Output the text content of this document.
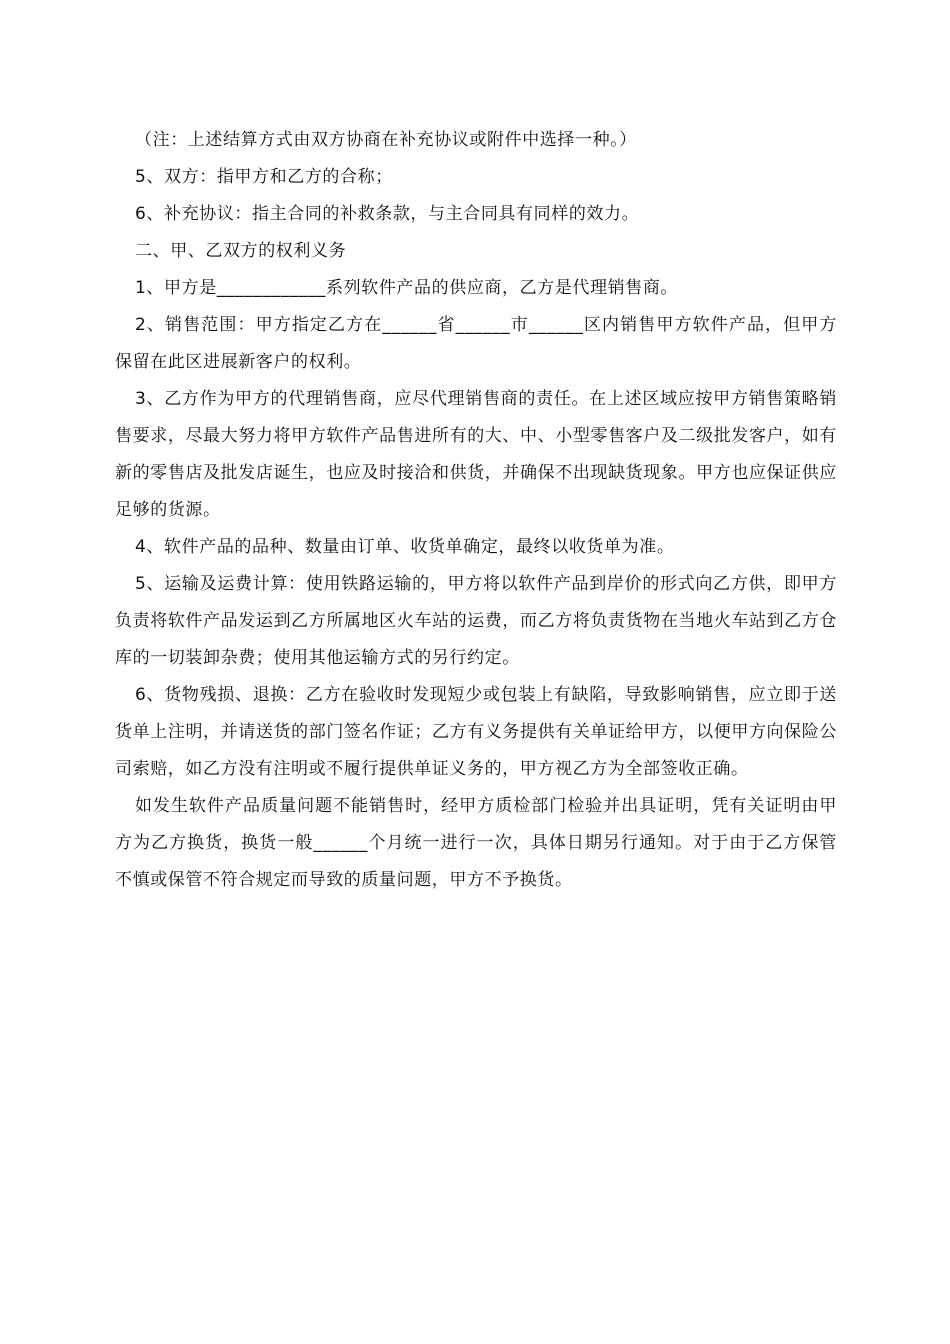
（注：上述结算方式由双方协商在补充协议或附件中选择一种。）

5、双方：指甲方和乙方的合称；

6、补充协议：指主合同的补救条款，与主合同具有同样的效力。

二、甲、乙双方的权利义务

1、甲方是____________系列软件产品的供应商，乙方是代理销售商。

2、销售范围：甲方指定乙方在______省______市______区内销售甲方软件产品，但甲方保留在此区进展新客户的权利。

3、乙方作为甲方的代理销售商，应尽代理销售商的责任。在上述区域应按甲方销售策略销售要求，尽最大努力将甲方软件产品售进所有的大、中、小型零售客户及二级批发客户，如有新的零售店及批发店诞生，也应及时接洽和供货，并确保不出现缺货现象。甲方也应保证供应足够的货源。

4、软件产品的品种、数量由订单、收货单确定，最终以收货单为准。

5、运输及运费计算：使用铁路运输的，甲方将以软件产品到岸价的形式向乙方供，即甲方负责将软件产品发运到乙方所属地区火车站的运费，而乙方将负责货物在当地火车站到乙方仓库的一切装卸杂费；使用其他运输方式的另行约定。

6、货物残损、退换：乙方在验收时发现短少或包装上有缺陷，导致影响销售，应立即于送货单上注明，并请送货的部门签名作证；乙方有义务提供有关单证给甲方，以便甲方向保险公司索赔，如乙方没有注明或不履行提供单证义务的，甲方视乙方为全部签收正确。

如发生软件产品质量问题不能销售时，经甲方质检部门检验并出具证明，凭有关证明由甲方为乙方换货，换货一般______个月统一进行一次，具体日期另行通知。对于由于乙方保管不慎或保管不符合规定而导致的质量问题，甲方不予换货。
